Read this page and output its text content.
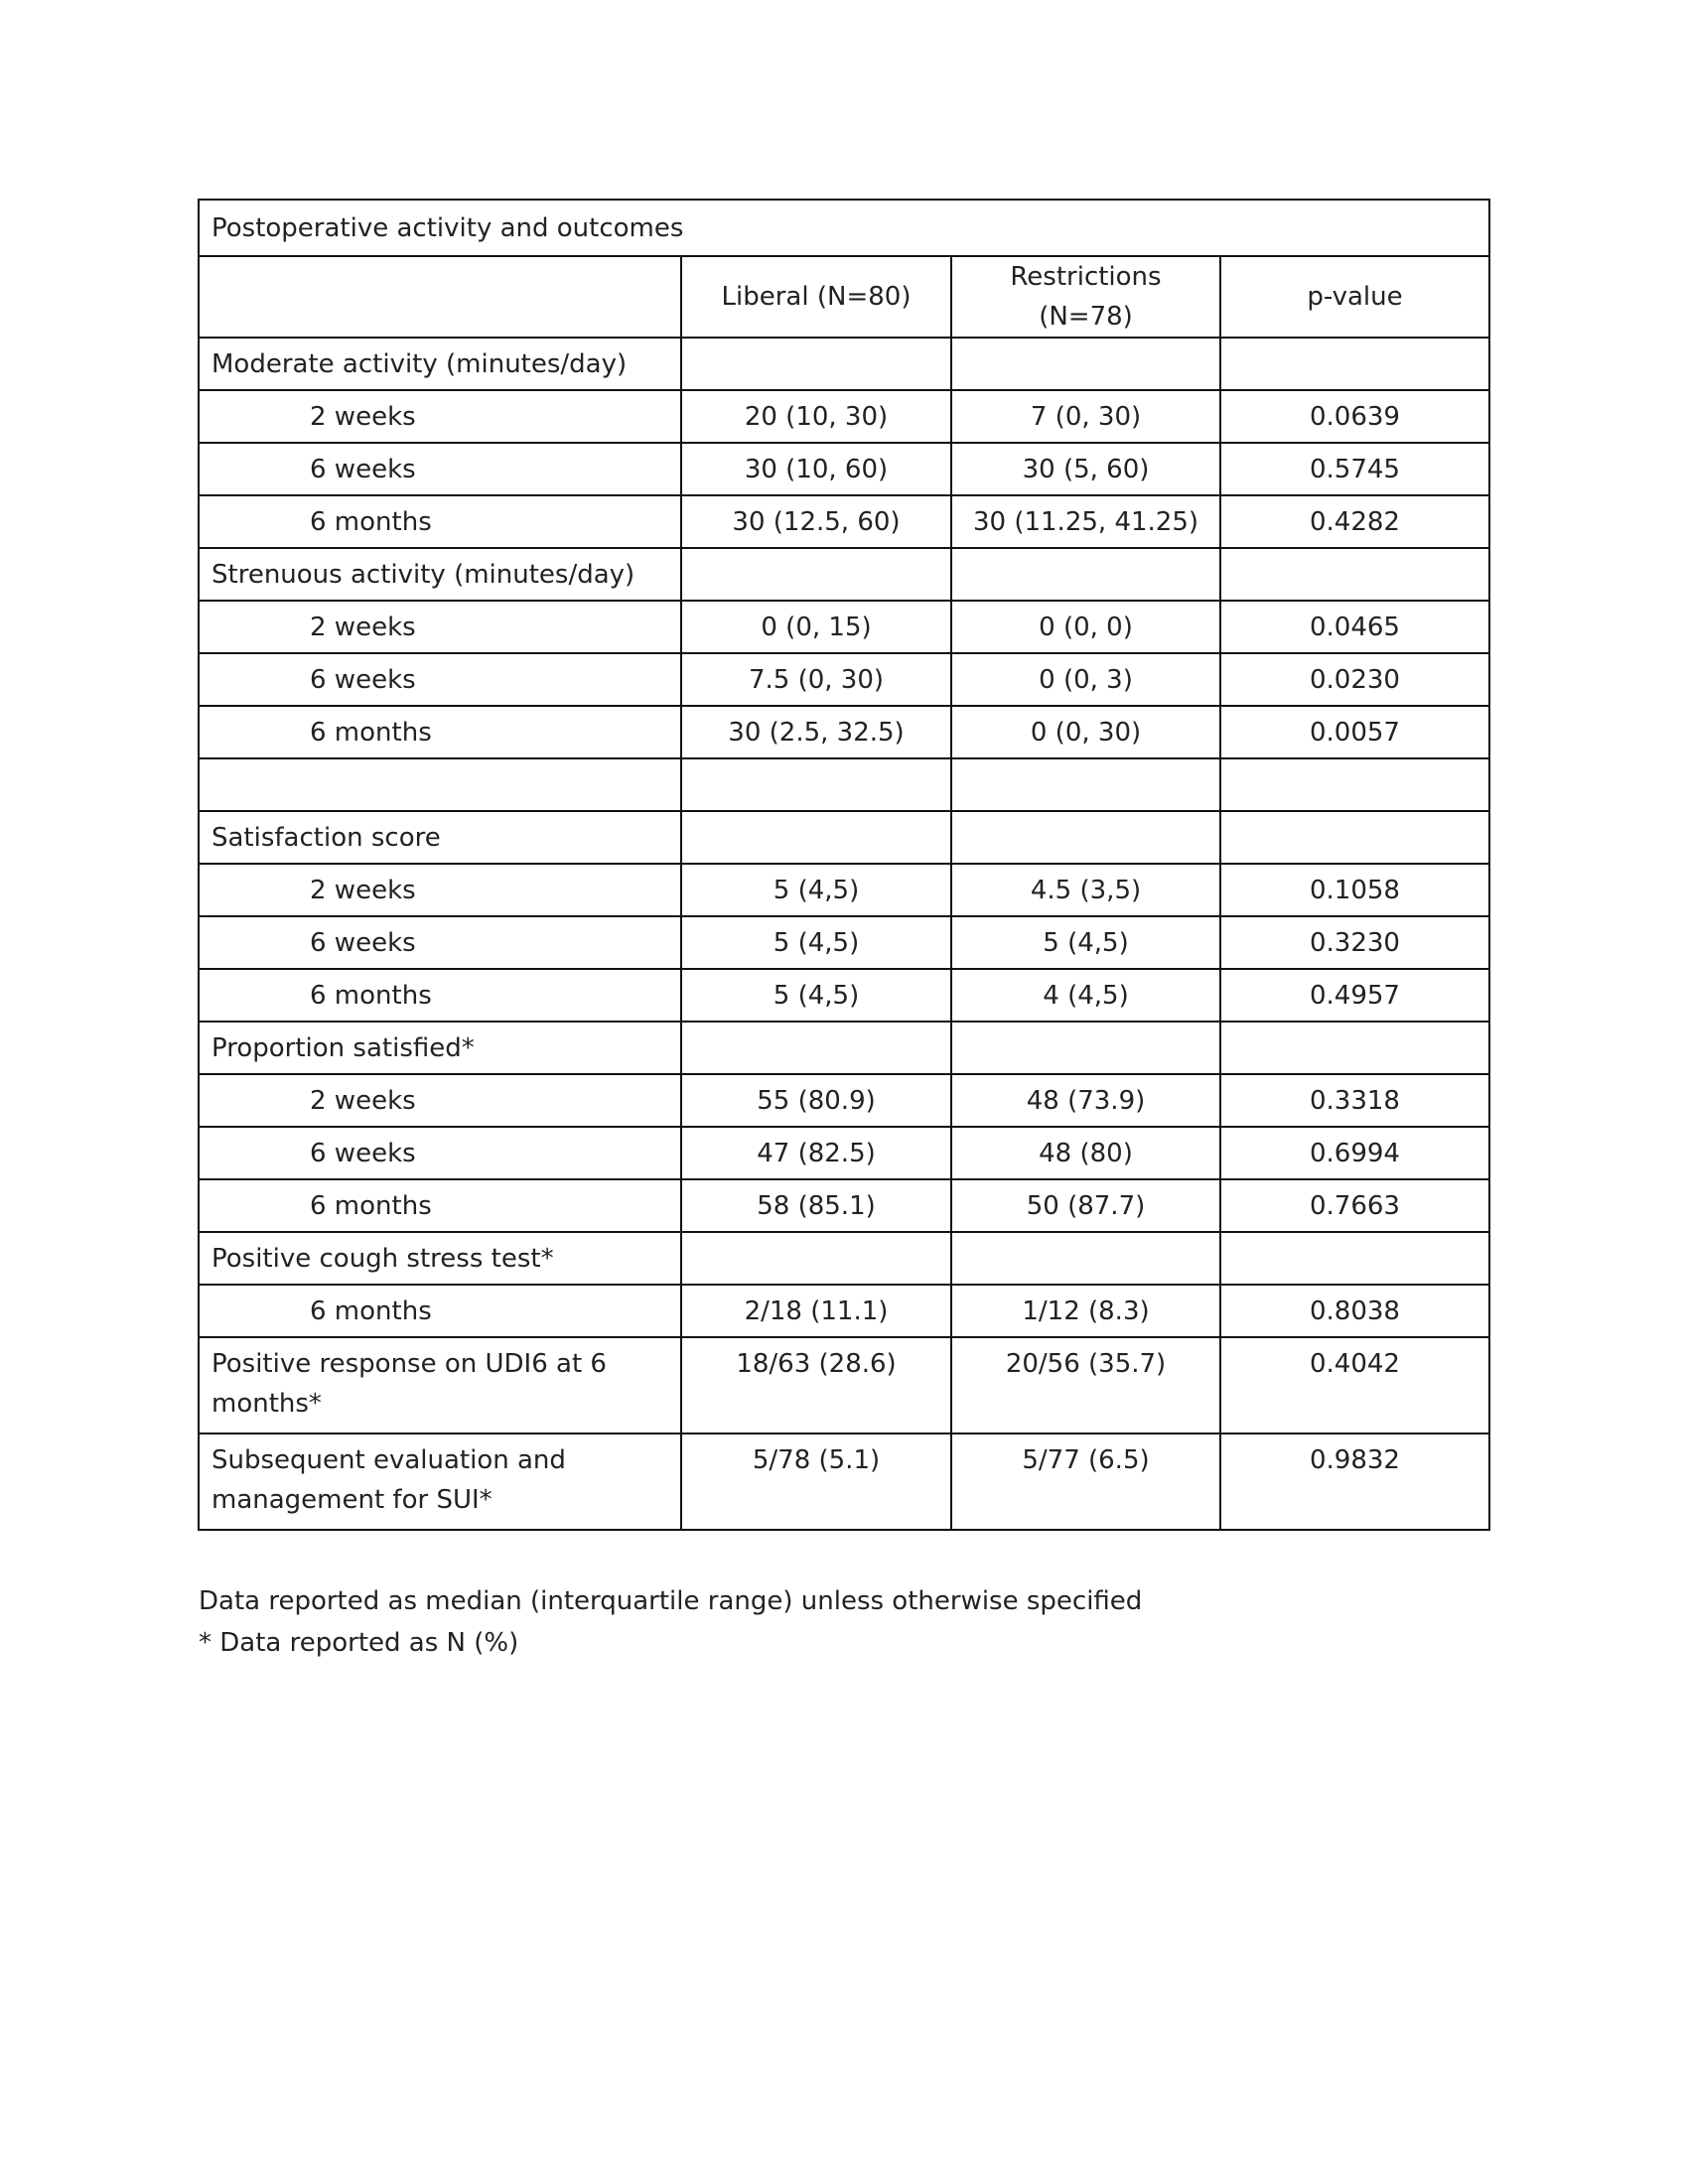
Postoperative activity and outcomes			
	Liberal (N=80)	Restrictions (N=78)	p-value
Moderate activity (minutes/day)			
2 weeks	20 (10, 30)	7 (0, 30)	0.0639
6 weeks	30 (10, 60)	30 (5, 60)	0.5745
6 months	30 (12.5, 60)	30 (11.25, 41.25)	0.4282
Strenuous activity (minutes/day)			
2 weeks	0 (0, 15)	0 (0, 0)	0.0465
6 weeks	7.5 (0, 30)	0 (0, 3)	0.0230
6 months	30 (2.5, 32.5)	0 (0, 30)	0.0057

Satisfaction score			
2 weeks	5 (4,5)	4.5 (3,5)	0.1058
6 weeks	5 (4,5)	5 (4,5)	0.3230
6 months	5 (4,5)	4 (4,5)	0.4957
Proportion satisfied*			
2 weeks	55 (80.9)	48 (73.9)	0.3318
6 weeks	47 (82.5)	48 (80)	0.6994
6 months	58 (85.1)	50 (87.7)	0.7663
Positive cough stress test*			
6 months	2/18 (11.1)	1/12 (8.3)	0.8038
Positive response on UDI6 at 6 months*	18/63 (28.6)	20/56 (35.7)	0.4042
Subsequent evaluation and management for SUI*	5/78 (5.1)	5/77 (6.5)	0.9832
Data reported as median (interquartile range) unless otherwise specified
* Data reported as N (%)
